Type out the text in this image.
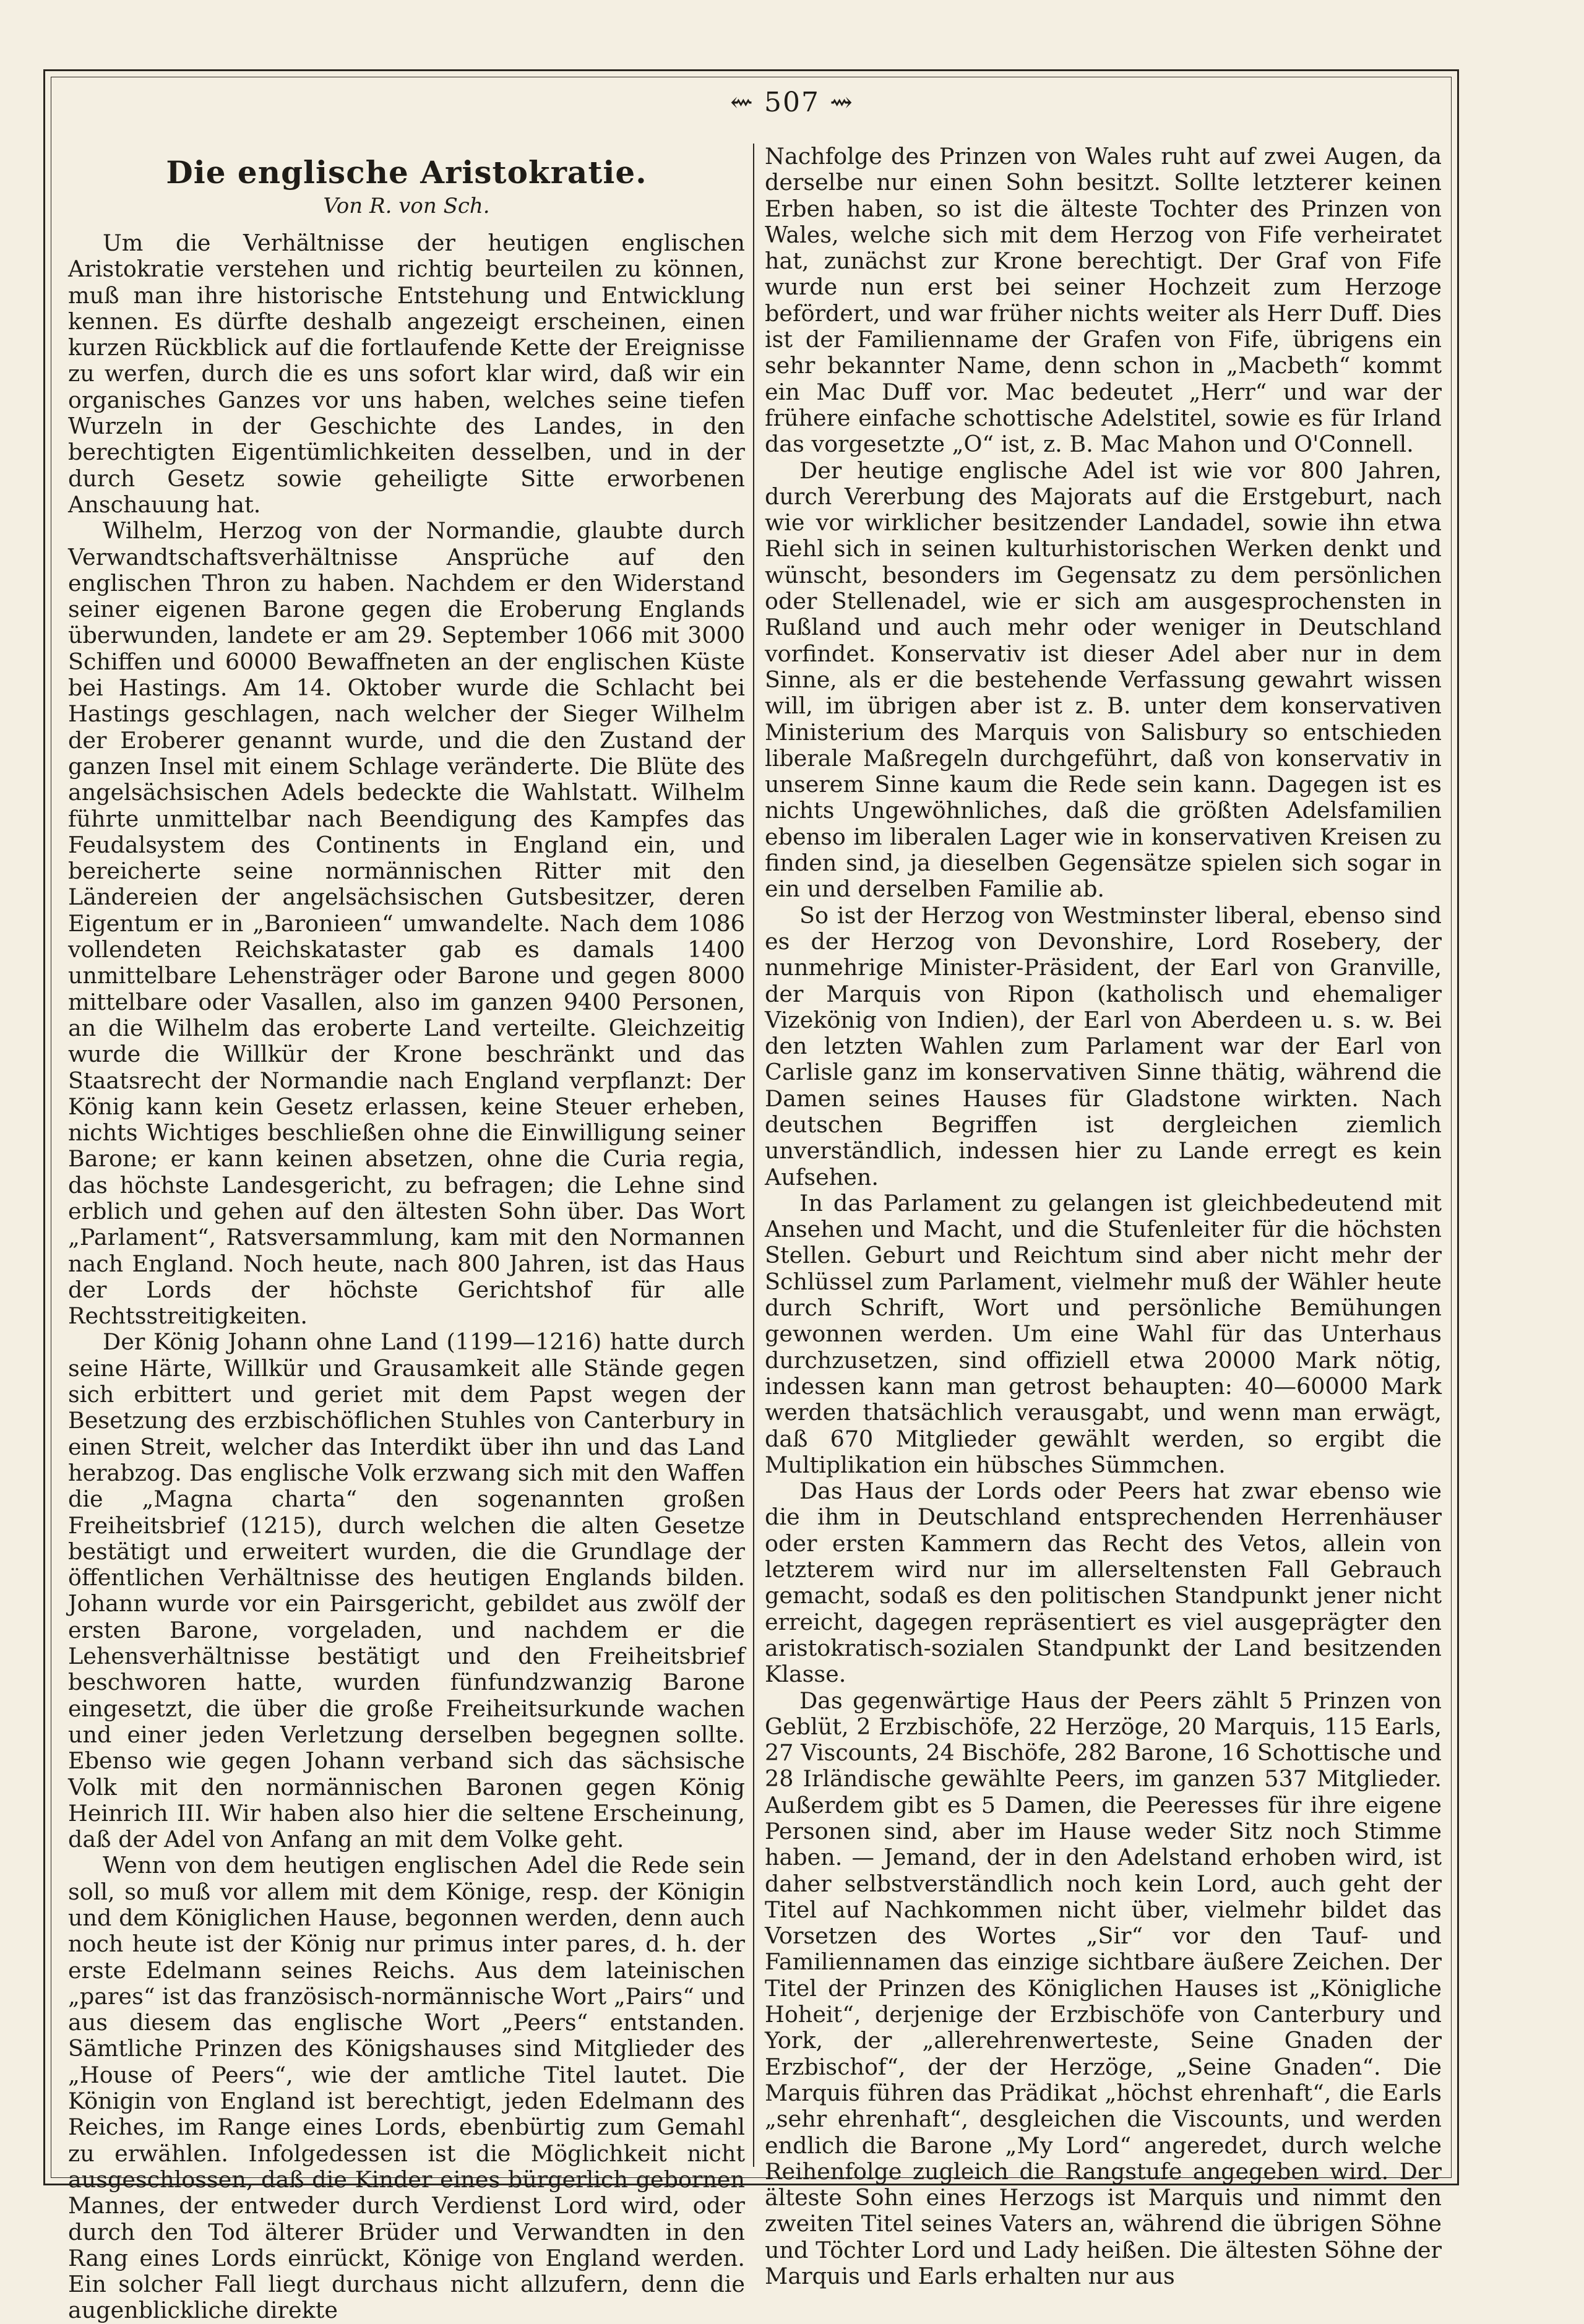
⇜ 507 ⇝
Die englische Aristokratie.
Von R. von Sch.

Um die Verhältnisse der heutigen englischen Aristokratie verstehen und richtig beurteilen zu können, muß man ihre historische Entstehung und Entwicklung kennen. Es dürfte deshalb angezeigt erscheinen, einen kurzen Rückblick auf die fortlaufende Kette der Ereignisse zu werfen, durch die es uns sofort klar wird, daß wir ein organisches Ganzes vor uns haben, welches seine tiefen Wurzeln in der Geschichte des Landes, in den berechtigten Eigentümlichkeiten desselben, und in der durch Gesetz sowie geheiligte Sitte erworbenen Anschauung hat.

Wilhelm, Herzog von der Normandie, glaubte durch Verwandtschaftsverhältnisse Ansprüche auf den englischen Thron zu haben. Nachdem er den Widerstand seiner eigenen Barone gegen die Eroberung Englands überwunden, landete er am 29. September 1066 mit 3000 Schiffen und 60000 Bewaffneten an der englischen Küste bei Hastings. Am 14. Oktober wurde die Schlacht bei Hastings geschlagen, nach welcher der Sieger Wilhelm der Eroberer genannt wurde, und die den Zustand der ganzen Insel mit einem Schlage veränderte. Die Blüte des angelsächsischen Adels bedeckte die Wahlstatt. Wilhelm führte unmittelbar nach Beendigung des Kampfes das Feudalsystem des Continents in England ein, und bereicherte seine normännischen Ritter mit den Ländereien der angelsächsischen Gutsbesitzer, deren Eigentum er in „Baronieen“ umwandelte. Nach dem 1086 vollendeten Reichskataster gab es damals 1400 unmittelbare Lehensträger oder Barone und gegen 8000 mittelbare oder Vasallen, also im ganzen 9400 Personen, an die Wilhelm das eroberte Land verteilte. Gleichzeitig wurde die Willkür der Krone beschränkt und das Staatsrecht der Normandie nach England verpflanzt: Der König kann kein Gesetz erlassen, keine Steuer erheben, nichts Wichtiges beschließen ohne die Einwilligung seiner Barone; er kann keinen absetzen, ohne die Curia regia, das höchste Landesgericht, zu befragen; die Lehne sind erblich und gehen auf den ältesten Sohn über. Das Wort „Parlament“, Ratsversammlung, kam mit den Normannen nach England. Noch heute, nach 800 Jahren, ist das Haus der Lords der höchste Gerichtshof für alle Rechtsstreitigkeiten.

Der König Johann ohne Land (1199—1216) hatte durch seine Härte, Willkür und Grausamkeit alle Stände gegen sich erbittert und geriet mit dem Papst wegen der Besetzung des erzbischöflichen Stuhles von Canterbury in einen Streit, welcher das Interdikt über ihn und das Land herabzog. Das englische Volk erzwang sich mit den Waffen die „Magna charta“ den sogenannten großen Freiheitsbrief (1215), durch welchen die alten Gesetze bestätigt und erweitert wurden, die die Grundlage der öffentlichen Verhältnisse des heutigen Englands bilden. Johann wurde vor ein Pairsgericht, gebildet aus zwölf der ersten Barone, vorgeladen, und nachdem er die Lehensverhältnisse bestätigt und den Freiheitsbrief beschworen hatte, wurden fünfundzwanzig Barone eingesetzt, die über die große Freiheitsurkunde wachen und einer jeden Verletzung derselben begegnen sollte. Ebenso wie gegen Johann verband sich das sächsische Volk mit den normännischen Baronen gegen König Heinrich III. Wir haben also hier die seltene Erscheinung, daß der Adel von Anfang an mit dem Volke geht.

Wenn von dem heutigen englischen Adel die Rede sein soll, so muß vor allem mit dem Könige, resp. der Königin und dem Königlichen Hause, begonnen werden, denn auch noch heute ist der König nur primus inter pares, d. h. der erste Edelmann seines Reichs. Aus dem lateinischen „pares“ ist das französisch-normännische Wort „Pairs“ und aus diesem das englische Wort „Peers“ entstanden. Sämtliche Prinzen des Königshauses sind Mitglieder des „House of Peers“, wie der amtliche Titel lautet. Die Königin von England ist berechtigt, jeden Edelmann des Reiches, im Range eines Lords, ebenbürtig zum Gemahl zu erwählen. Infolgedessen ist die Möglichkeit nicht ausgeschlossen, daß die Kinder eines bürgerlich gebornen Mannes, der entweder durch Verdienst Lord wird, oder durch den Tod älterer Brüder und Verwandten in den Rang eines Lords einrückt, Könige von England werden. Ein solcher Fall liegt durchaus nicht allzufern, denn die augenblickliche direkte

Nachfolge des Prinzen von Wales ruht auf zwei Augen, da derselbe nur einen Sohn besitzt. Sollte letzterer keinen Erben haben, so ist die älteste Tochter des Prinzen von Wales, welche sich mit dem Herzog von Fife verheiratet hat, zunächst zur Krone berechtigt. Der Graf von Fife wurde nun erst bei seiner Hochzeit zum Herzoge befördert, und war früher nichts weiter als Herr Duff. Dies ist der Familienname der Grafen von Fife, übrigens ein sehr bekannter Name, denn schon in „Macbeth“ kommt ein Mac Duff vor. Mac bedeutet „Herr“ und war der frühere einfache schottische Adelstitel, sowie es für Irland das vorgesetzte „O“ ist, z. B. Mac Mahon und O'Connell.

Der heutige englische Adel ist wie vor 800 Jahren, durch Vererbung des Majorats auf die Erstgeburt, nach wie vor wirklicher besitzender Landadel, sowie ihn etwa Riehl sich in seinen kulturhistorischen Werken denkt und wünscht, besonders im Gegensatz zu dem persönlichen oder Stellenadel, wie er sich am ausgesprochensten in Rußland und auch mehr oder weniger in Deutschland vorfindet. Konservativ ist dieser Adel aber nur in dem Sinne, als er die bestehende Verfassung gewahrt wissen will, im übrigen aber ist z. B. unter dem konservativen Ministerium des Marquis von Salisbury so entschieden liberale Maßregeln durchgeführt, daß von konservativ in unserem Sinne kaum die Rede sein kann. Dagegen ist es nichts Ungewöhnliches, daß die größten Adelsfamilien ebenso im liberalen Lager wie in konservativen Kreisen zu finden sind, ja dieselben Gegensätze spielen sich sogar in ein und derselben Familie ab.

So ist der Herzog von Westminster liberal, ebenso sind es der Herzog von Devonshire, Lord Rosebery, der nunmehrige Minister-Präsident, der Earl von Granville, der Marquis von Ripon (katholisch und ehemaliger Vizekönig von Indien), der Earl von Aberdeen u. s. w. Bei den letzten Wahlen zum Parlament war der Earl von Carlisle ganz im konservativen Sinne thätig, während die Damen seines Hauses für Gladstone wirkten. Nach deutschen Begriffen ist dergleichen ziemlich unverständlich, indessen hier zu Lande erregt es kein Aufsehen.

In das Parlament zu gelangen ist gleichbedeutend mit Ansehen und Macht, und die Stufenleiter für die höchsten Stellen. Geburt und Reichtum sind aber nicht mehr der Schlüssel zum Parlament, vielmehr muß der Wähler heute durch Schrift, Wort und persönliche Bemühungen gewonnen werden. Um eine Wahl für das Unterhaus durchzusetzen, sind offiziell etwa 20000 Mark nötig, indessen kann man getrost behaupten: 40—60000 Mark werden thatsächlich verausgabt, und wenn man erwägt, daß 670 Mitglieder gewählt werden, so ergibt die Multiplikation ein hübsches Sümmchen.

Das Haus der Lords oder Peers hat zwar ebenso wie die ihm in Deutschland entsprechenden Herrenhäuser oder ersten Kammern das Recht des Vetos, allein von letzterem wird nur im allerseltensten Fall Gebrauch gemacht, sodaß es den politischen Standpunkt jener nicht erreicht, dagegen repräsentiert es viel ausgeprägter den aristokratisch-sozialen Standpunkt der Land besitzenden Klasse.

Das gegenwärtige Haus der Peers zählt 5 Prinzen von Geblüt, 2 Erzbischöfe, 22 Herzöge, 20 Marquis, 115 Earls, 27 Viscounts, 24 Bischöfe, 282 Barone, 16 Schottische und 28 Irländische gewählte Peers, im ganzen 537 Mitglieder. Außerdem gibt es 5 Damen, die Peeresses für ihre eigene Personen sind, aber im Hause weder Sitz noch Stimme haben. — Jemand, der in den Adelstand erhoben wird, ist daher selbstverständlich noch kein Lord, auch geht der Titel auf Nachkommen nicht über, vielmehr bildet das Vorsetzen des Wortes „Sir“ vor den Tauf- und Familiennamen das einzige sichtbare äußere Zeichen. Der Titel der Prinzen des Königlichen Hauses ist „Königliche Hoheit“, derjenige der Erzbischöfe von Canterbury und York, der „allerehrenwerteste, Seine Gnaden der Erzbischof“, der der Herzöge, „Seine Gnaden“. Die Marquis führen das Prädikat „höchst ehrenhaft“, die Earls „sehr ehrenhaft“, desgleichen die Viscounts, und werden endlich die Barone „My Lord“ angeredet, durch welche Reihenfolge zugleich die Rangstufe angegeben wird. Der älteste Sohn eines Herzogs ist Marquis und nimmt den zweiten Titel seines Vaters an, während die übrigen Söhne und Töchter Lord und Lady heißen. Die ältesten Söhne der Marquis und Earls erhalten nur aus
